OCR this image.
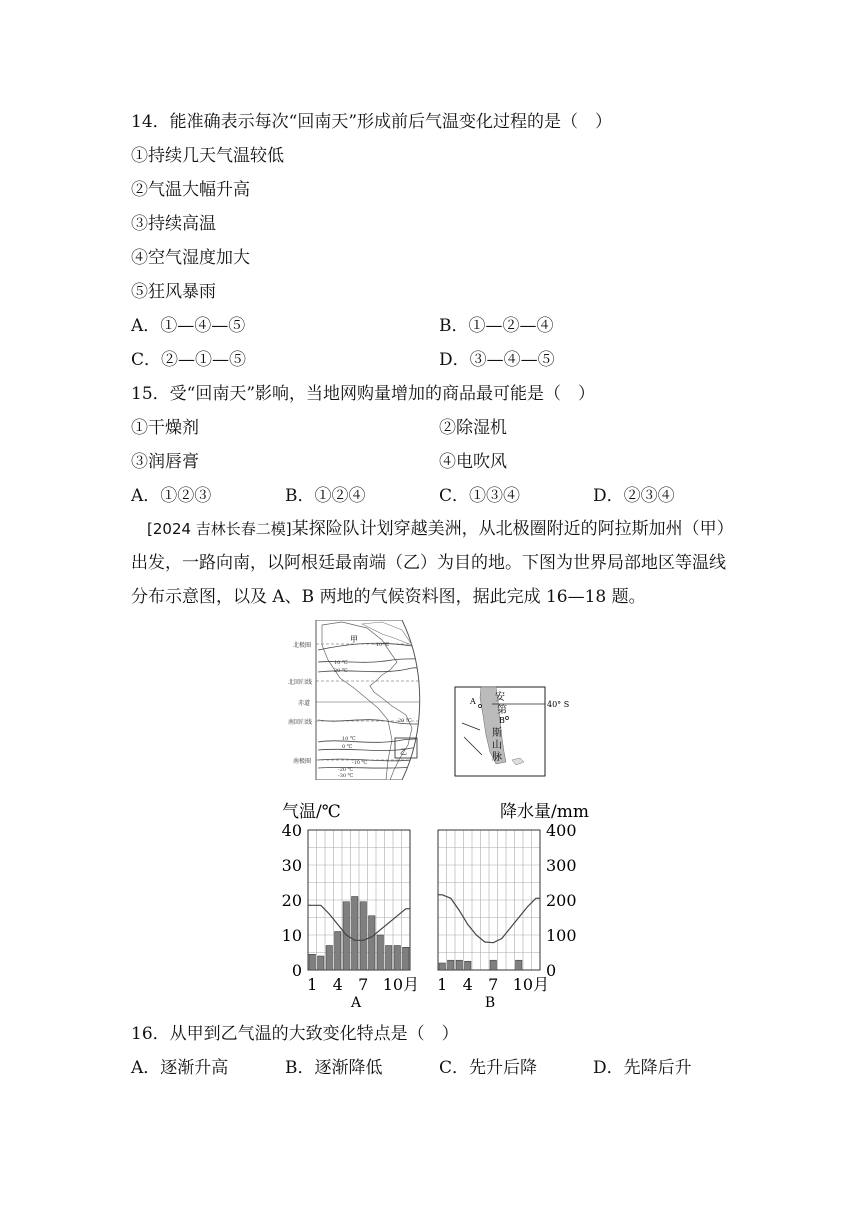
14．能准确表示每次“回南天”形成前后气温变化过程的是（　）
①持续几天气温较低
②气温大幅升高
③持续高温
④空气湿度加大
⑤狂风暴雨
A．①—④—⑤	B．①—②—④
C．②—①—⑤	D．③—④—⑤
15．受“回南天”影响，当地网购量增加的商品最可能是（　）
①干燥剂	②除湿机
③润唇膏	④电吹风
A．①②③	B．①②④	C．①③④	D．②③④
[2024 吉林长春二模]某探险队计划穿越美洲，从北极圈附近的阿拉斯加州（甲）出发，一路向南，以阿根廷最南端（乙）为目的地。下图为世界局部地区等温线分布示意图，以及 A、B 两地的气候资料图，据此完成 16—18 题。
北极圈
北回归线
赤道
南回归线
南极圈
-10 ℃
10 ℃
20 ℃
20 ℃
10 ℃
0 ℃
-10 ℃
-20 ℃
-30 ℃
甲
乙
40° S
A
B
安
第
斯
山
脉
气温/℃
0
10
20
30
40
1 4 7 10月
A
降水量/mm
0
100
200
300
400
1 4 7 10月
B
16．从甲到乙气温的大致变化特点是（　）
A．逐渐升高	B．逐渐降低	C．先升后降	D．先降后升
